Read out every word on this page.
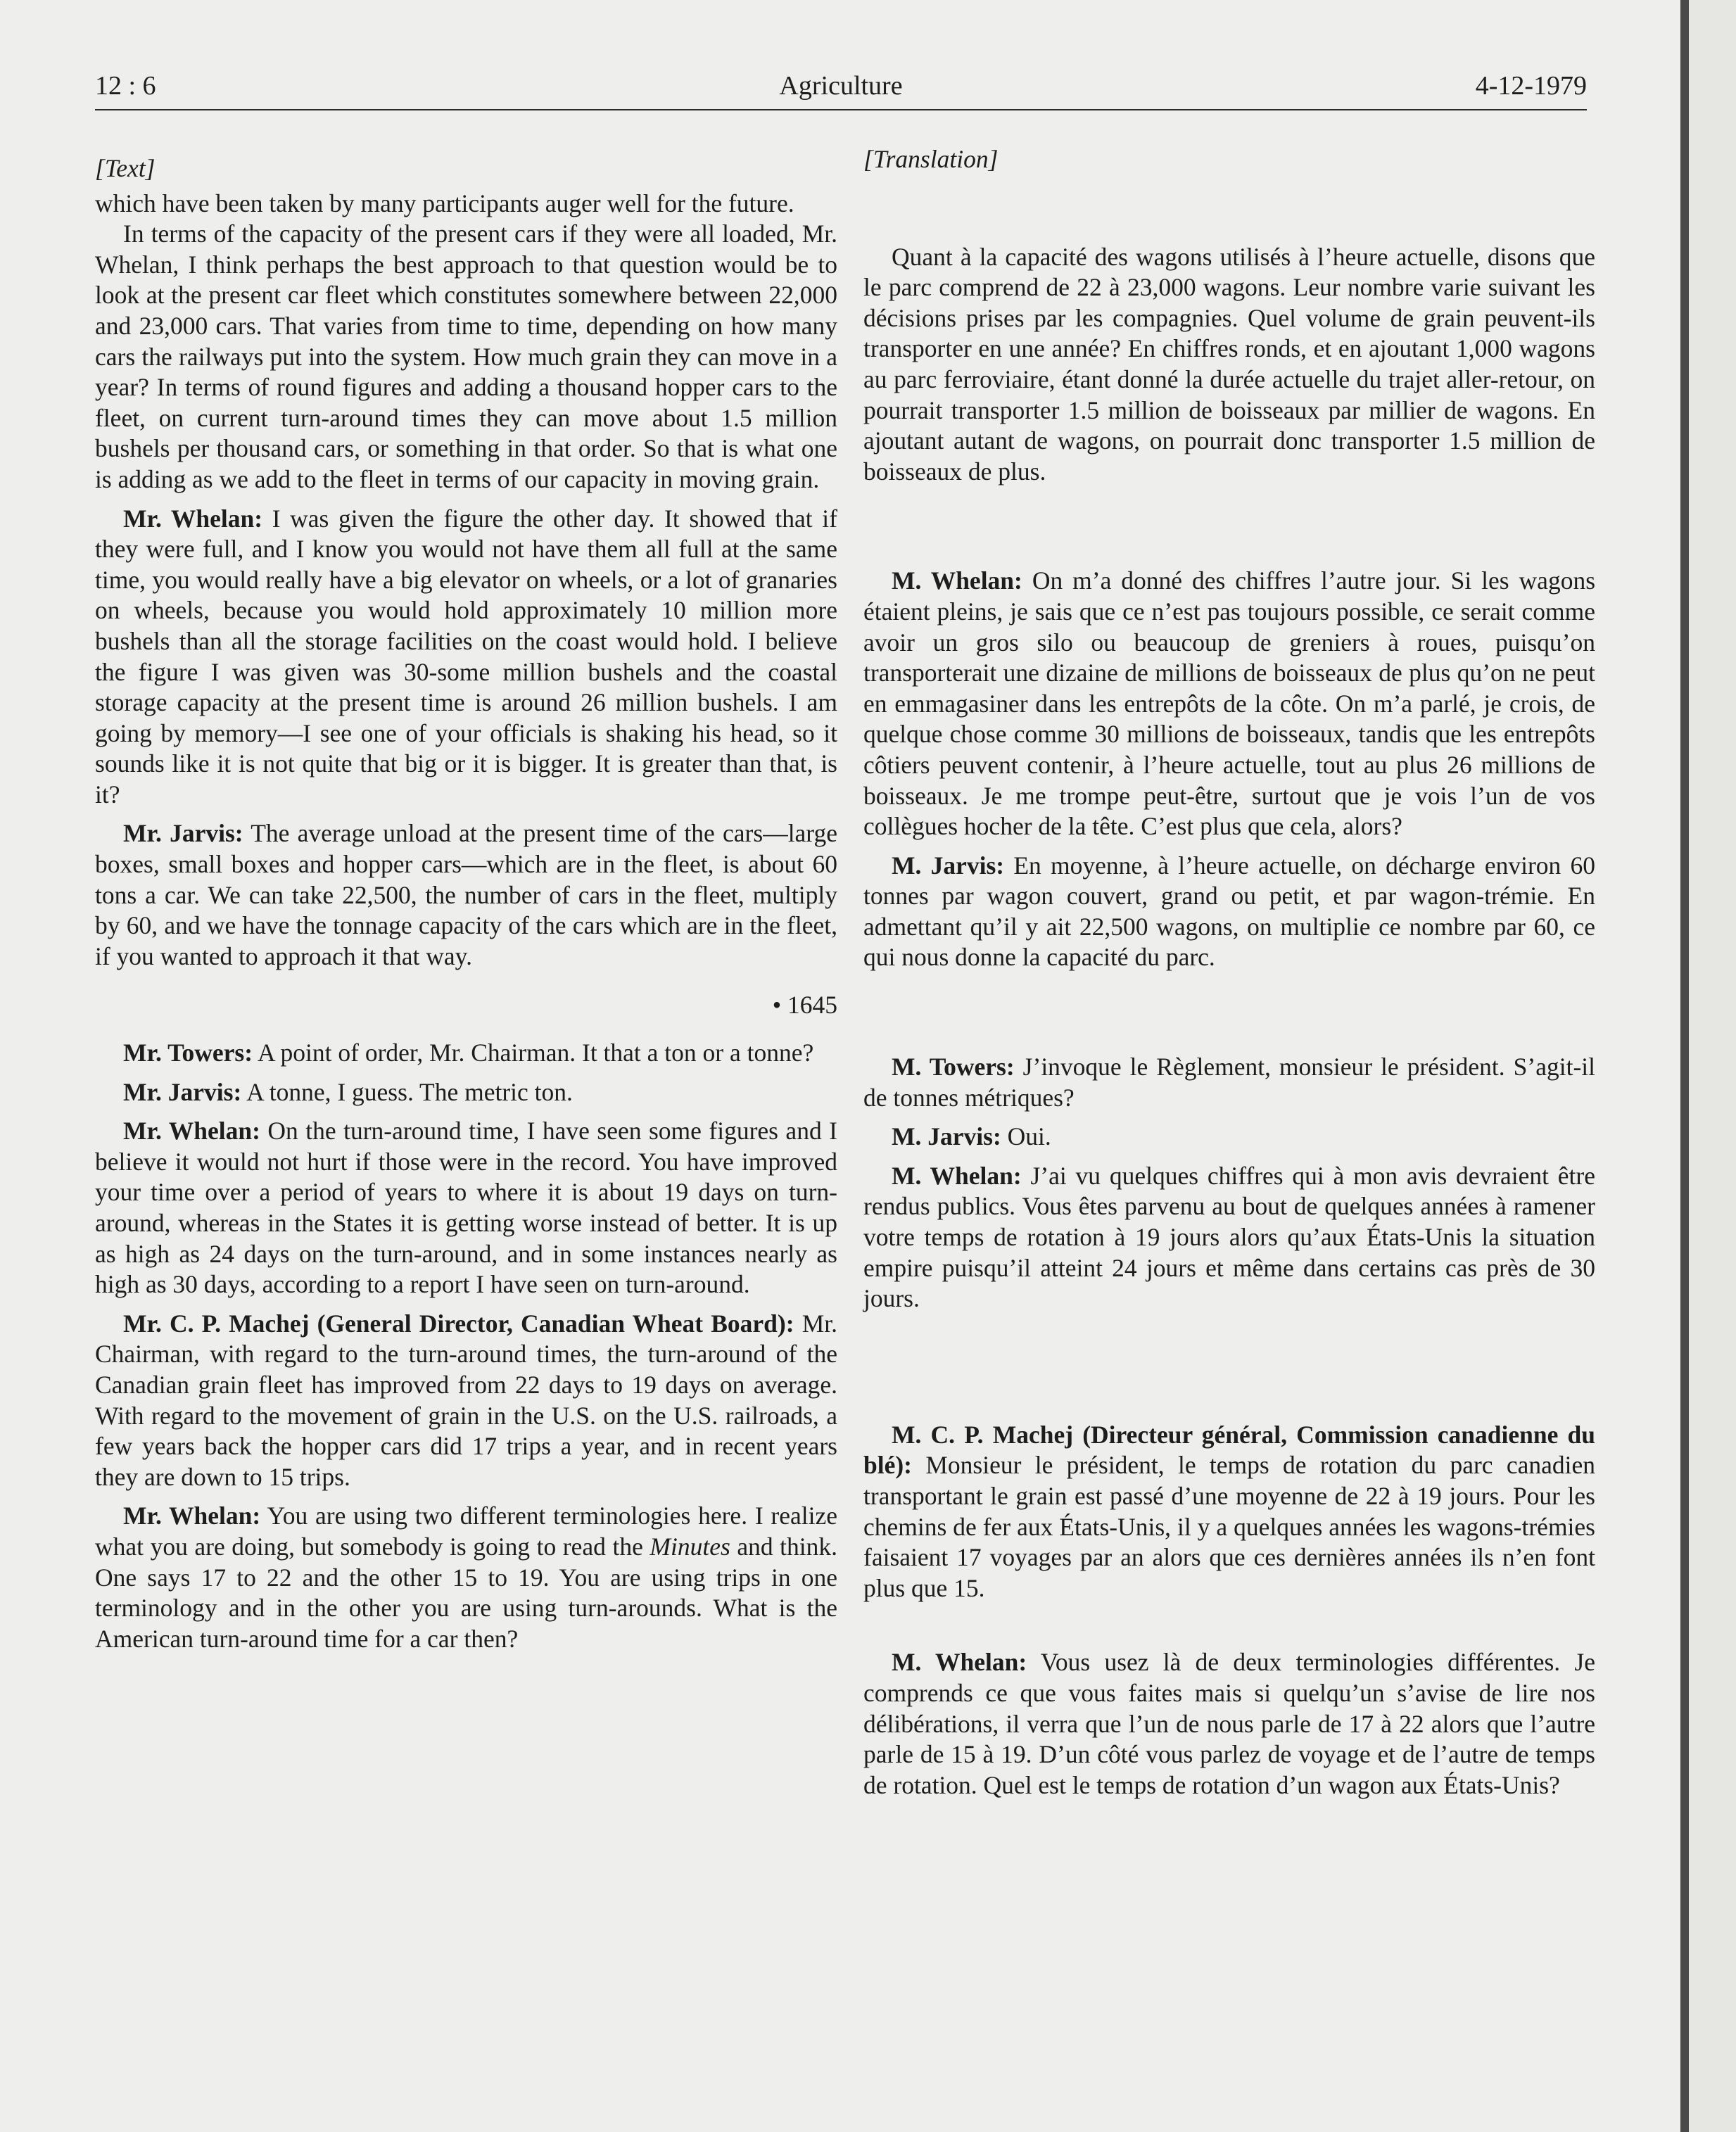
12 : 6	Agriculture	4-12-1979
[Text]

which have been taken by many participants auger well for the future.

In terms of the capacity of the present cars if they were all loaded, Mr. Whelan, I think perhaps the best approach to that question would be to look at the present car fleet which constitutes somewhere between 22,000 and 23,000 cars. That varies from time to time, depending on how many cars the railways put into the system. How much grain they can move in a year? In terms of round figures and adding a thousand hopper cars to the fleet, on current turn-around times they can move about 1.5 million bushels per thousand cars, or something in that order. So that is what one is adding as we add to the fleet in terms of our capacity in moving grain.

Mr. Whelan: I was given the figure the other day. It showed that if they were full, and I know you would not have them all full at the same time, you would really have a big elevator on wheels, or a lot of granaries on wheels, because you would hold approximately 10 million more bushels than all the storage facilities on the coast would hold. I believe the figure I was given was 30-some million bushels and the coastal storage capacity at the present time is around 26 million bushels. I am going by memory—I see one of your officials is shaking his head, so it sounds like it is not quite that big or it is bigger. It is greater than that, is it?

Mr. Jarvis: The average unload at the present time of the cars—large boxes, small boxes and hopper cars—which are in the fleet, is about 60 tons a car. We can take 22,500, the number of cars in the fleet, multiply by 60, and we have the tonnage capacity of the cars which are in the fleet, if you wanted to approach it that way.

• 1645

Mr. Towers: A point of order, Mr. Chairman. It that a ton or a tonne?

Mr. Jarvis: A tonne, I guess. The metric ton.

Mr. Whelan: On the turn-around time, I have seen some figures and I believe it would not hurt if those were in the record. You have improved your time over a period of years to where it is about 19 days on turn-around, whereas in the States it is getting worse instead of better. It is up as high as 24 days on the turn-around, and in some instances nearly as high as 30 days, according to a report I have seen on turn-around.

Mr. C. P. Machej (General Director, Canadian Wheat Board): Mr. Chairman, with regard to the turn-around times, the turn-around of the Canadian grain fleet has improved from 22 days to 19 days on average. With regard to the movement of grain in the U.S. on the U.S. railroads, a few years back the hopper cars did 17 trips a year, and in recent years they are down to 15 trips.

Mr. Whelan: You are using two different terminologies here. I realize what you are doing, but somebody is going to read the Minutes and think. One says 17 to 22 and the other 15 to 19. You are using trips in one terminology and in the other you are using turn-arounds. What is the American turn-around time for a car then?

[Translation]

Quant à la capacité des wagons utilisés à l’heure actuelle, disons que le parc comprend de 22 à 23,000 wagons. Leur nombre varie suivant les décisions prises par les compagnies. Quel volume de grain peuvent-ils transporter en une année? En chiffres ronds, et en ajoutant 1,000 wagons au parc ferroviaire, étant donné la durée actuelle du trajet aller-retour, on pourrait transporter 1.5 million de boisseaux par millier de wagons. En ajoutant autant de wagons, on pourrait donc transporter 1.5 million de boisseaux de plus.

M. Whelan: On m’a donné des chiffres l’autre jour. Si les wagons étaient pleins, je sais que ce n’est pas toujours possible, ce serait comme avoir un gros silo ou beaucoup de greniers à roues, puisqu’on transporterait une dizaine de millions de boisseaux de plus qu’on ne peut en emmagasiner dans les entrepôts de la côte. On m’a parlé, je crois, de quelque chose comme 30 millions de boisseaux, tandis que les entrepôts côtiers peuvent contenir, à l’heure actuelle, tout au plus 26 millions de boisseaux. Je me trompe peut-être, surtout que je vois l’un de vos collègues hocher de la tête. C’est plus que cela, alors?

M. Jarvis: En moyenne, à l’heure actuelle, on décharge environ 60 tonnes par wagon couvert, grand ou petit, et par wagon-trémie. En admettant qu’il y ait 22,500 wagons, on multiplie ce nombre par 60, ce qui nous donne la capacité du parc.

M. Towers: J’invoque le Règlement, monsieur le président. S’agit-il de tonnes métriques?

M. Jarvis: Oui.

M. Whelan: J’ai vu quelques chiffres qui à mon avis devraient être rendus publics. Vous êtes parvenu au bout de quelques années à ramener votre temps de rotation à 19 jours alors qu’aux États-Unis la situation empire puisqu’il atteint 24 jours et même dans certains cas près de 30 jours.

M. C. P. Machej (Directeur général, Commission canadienne du blé): Monsieur le président, le temps de rotation du parc canadien transportant le grain est passé d’une moyenne de 22 à 19 jours. Pour les chemins de fer aux États-Unis, il y a quelques années les wagons-trémies faisaient 17 voyages par an alors que ces dernières années ils n’en font plus que 15.

M. Whelan: Vous usez là de deux terminologies différentes. Je comprends ce que vous faites mais si quelqu’un s’avise de lire nos délibérations, il verra que l’un de nous parle de 17 à 22 alors que l’autre parle de 15 à 19. D’un côté vous parlez de voyage et de l’autre de temps de rotation. Quel est le temps de rotation d’un wagon aux États-Unis?
